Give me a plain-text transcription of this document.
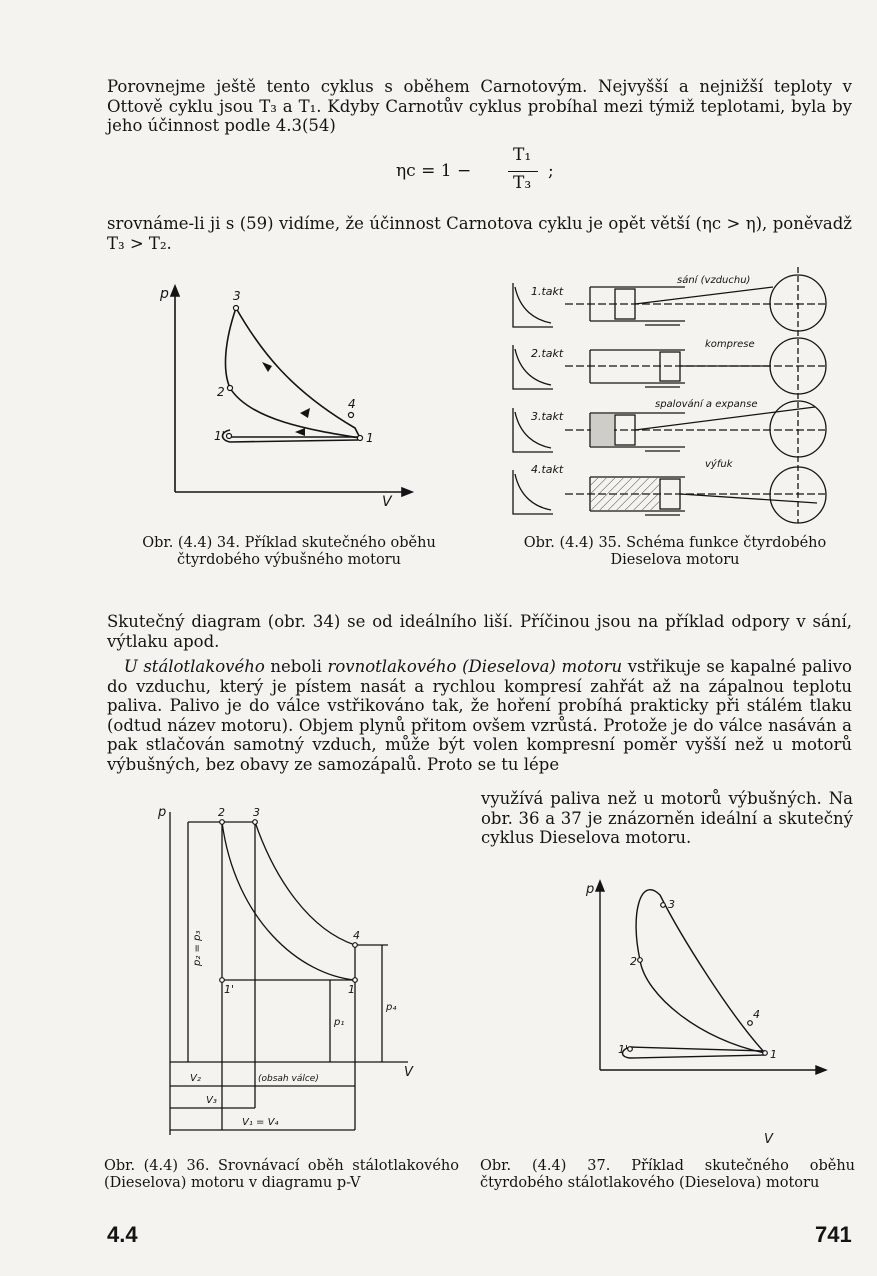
Porovnejme ještě tento cyklus s oběhem Carnotovým. Nejvyšší a nejnižší teploty v Ottově cyklu jsou T₃ a T₁. Kdyby Carnotův cyklus probíhal mezi týmiž teplotami, byla by jeho účinnost podle 4.3(54)
ηc = 1 −
T₁
T₃
;
srovnáme-li ji s (59) vidíme, že účinnost Carnotova cyklu je opět větší (ηc > η), poněvadž T₃ > T₂.
p
V
3
2
4
1
1'
Obr. (4.4) 34. Příklad skutečného oběhu čtyrdobého výbušného motoru
1.takt
2.takt
3.takt
4.takt
sání (vzduchu)
komprese
spalování a expanse
výfuk
Obr. (4.4) 35. Schéma funkce čtyrdobého Dieselova motoru
Skutečný diagram (obr. 34) se od ideálního liší. Příčinou jsou na příklad odpory v sání, výtlaku apod.
U stálotlakového neboli rovnotlakového (Dieselova) motoru vstřikuje se kapalné palivo do vzduchu, který je pístem nasát a rychlou kompresí zahřát až na zápalnou teplotu paliva. Palivo je do válce vstřikováno tak, že hoření probíhá prakticky při stálém tlaku (odtud název motoru). Objem plynů přitom ovšem vzrůstá. Protože je do válce nasáván a pak stlačován samotný vzduch, může být volen kompresní poměr vyšší než u motorů výbušných, bez obavy ze samozápalů. Proto se tu lépe
využívá paliva než u motorů výbušných. Na obr. 36 a 37 je znázorněn ideální a skutečný cyklus Dieselova motoru.
p
V
2	3
4
1
1'
p₂ = p₃
p₁
p₄
V₂	(obsah válce)
V₃
V₁ = V₄
Obr. (4.4) 36. Srovnávací oběh stálotlakového (Dieselova) motoru v diagramu p-V
p
V
3
2
4
1
1'
Obr. (4.4) 37. Příklad skutečného oběhu čtyrdobého stálotlakového (Dieselova) motoru
4.4	741
